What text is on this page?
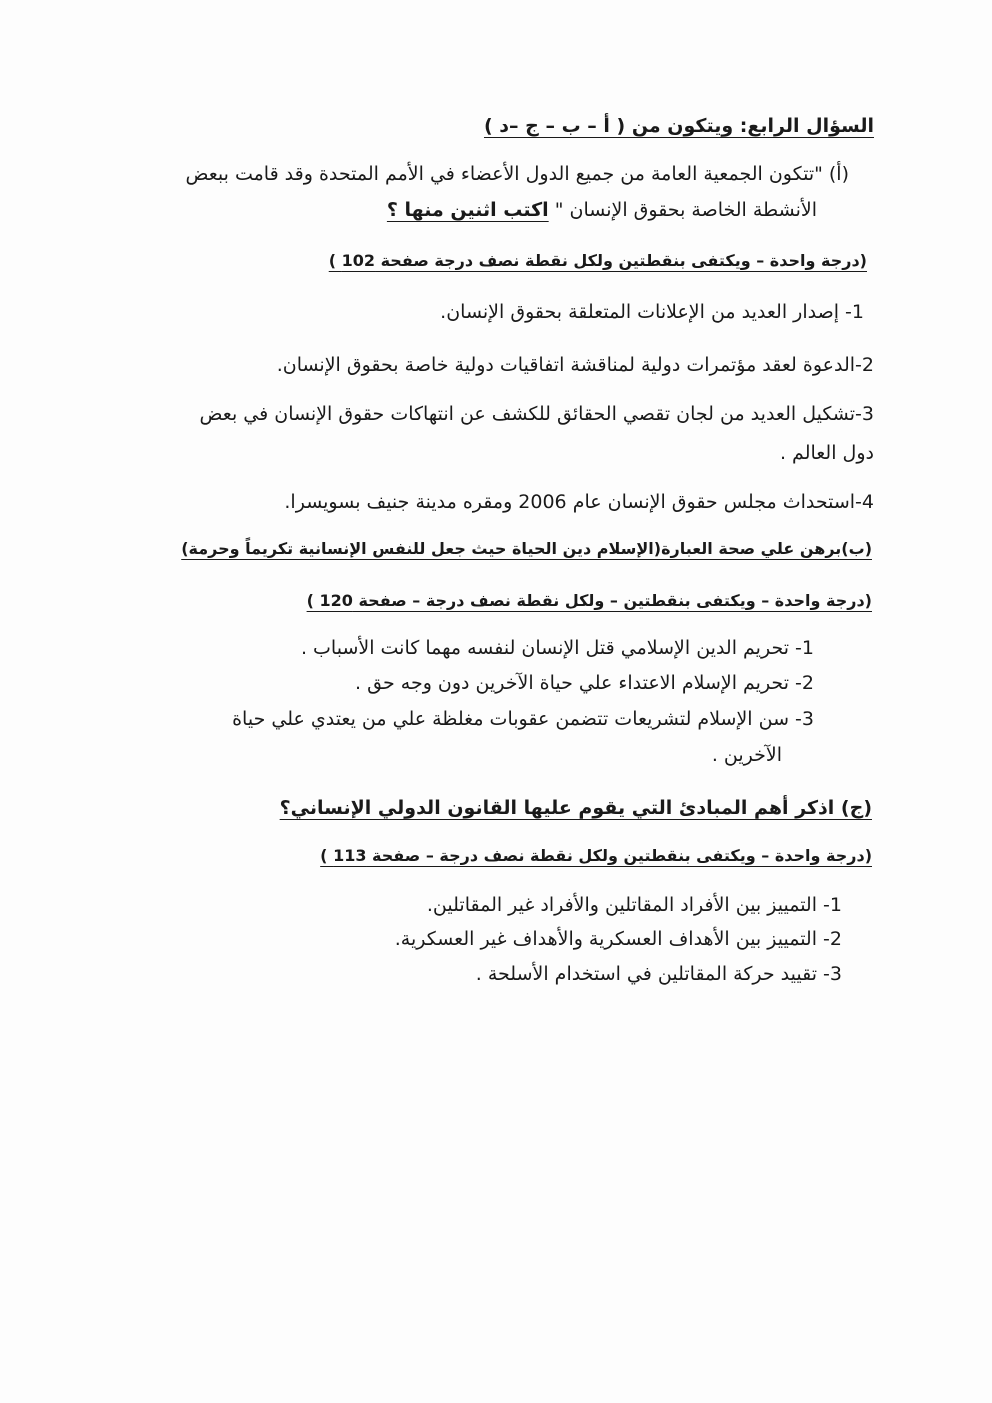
السؤال الرابع: ويتكون من ( أ – ب – ج –د )
(أ) "تتكون الجمعية العامة من جميع الدول الأعضاء في الأمم المتحدة وقد قامت ببعض
الأنشطة الخاصة بحقوق الإنسان " اكتب اثنين منها ؟
(درجة واحدة – ويكتفى بنقطتين ولكل نقطة نصف درجة صفحة 102 )
1- إصدار العديد من الإعلانات المتعلقة بحقوق الإنسان.
2-الدعوة لعقد مؤتمرات دولية لمناقشة اتفاقيات دولية خاصة بحقوق الإنسان.
3-تشكيل العديد من لجان تقصي الحقائق للكشف عن انتهاكات حقوق الإنسان في بعض
دول العالم .
4-استحداث مجلس حقوق الإنسان عام 2006 ومقره مدينة جنيف بسويسرا.
(ب)برهن علي صحة العبارة(الإسلام دين الحياة حيث جعل للنفس الإنسانية تكريماً وحرمة)
(درجة واحدة – ويكتفى بنقطتين – ولكل نقطة نصف درجة – صفحة 120 )
1- تحريم الدين الإسلامي قتل الإنسان لنفسه مهما كانت الأسباب .
2- تحريم الإسلام الاعتداء علي حياة الآخرين دون وجه حق .
3- سن الإسلام لتشريعات تتضمن عقوبات مغلظة علي من يعتدي علي حياة
الآخرين .
(ج) اذكر أهم المبادئ التي يقوم عليها القانون الدولي الإنساني؟
(درجة واحدة – ويكتفى بنقطتين ولكل نقطة نصف درجة – صفحة 113 )
1- التمييز بين الأفراد المقاتلين والأفراد غير المقاتلين.
2- التمييز بين الأهداف العسكرية والأهداف غير العسكرية.
3- تقييد حركة المقاتلين في استخدام الأسلحة .
